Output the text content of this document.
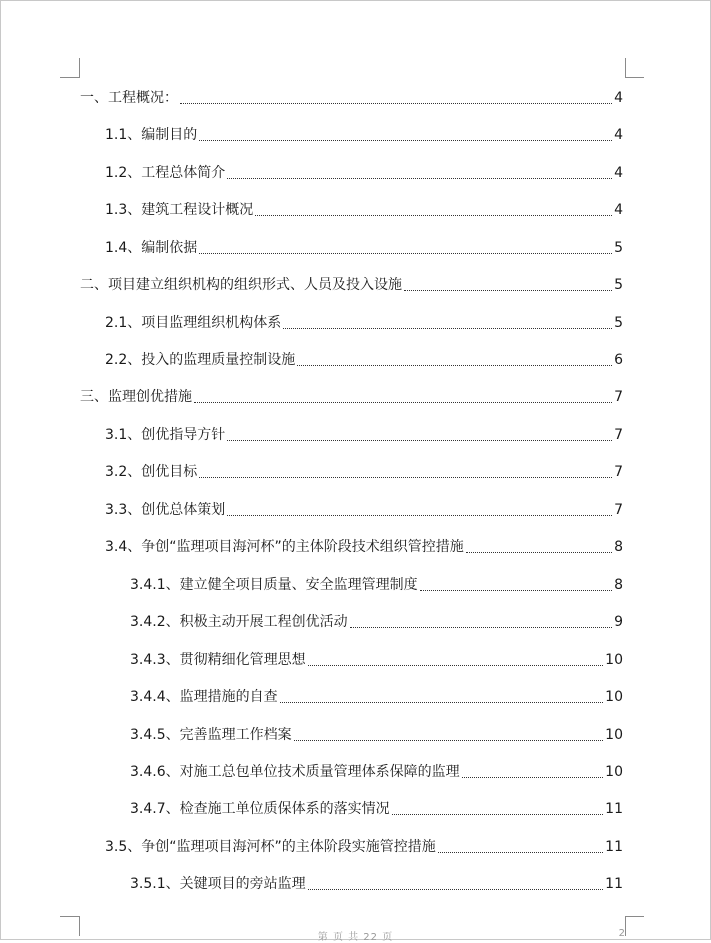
一、 工程概况：	4
1.1、 编制目的	4
1.2、 工程总体简介	4
1.3、 建筑工程设计概况	4
1.4、 编制依据	5
二、 项目建立组织机构的组织形式、人员及投入设施	5
2.1、 项目监理组织机构体系	5
2.2、 投入的监理质量控制设施	6
三、 监理创优措施	7
3.1、 创优指导方针	7
3.2、 创优目标	7
3.3、 创优总体策划	7
3.4、 争创“监理项目海河杯”的主体阶段技术组织管控措施	8
3.4.1、 建立健全项目质量、安全监理管理制度	8
3.4.2、 积极主动开展工程创优活动	9
3.4.3、 贯彻精细化管理思想	10
3.4.4、 监理措施的自查	10
3.4.5、 完善监理工作档案	10
3.4.6、 对施工总包单位技术质量管理体系保障的监理	10
3.4.7、 检查施工单位质保体系的落实情况	11
3.5、 争创“监理项目海河杯”的主体阶段实施管控措施	11
3.5.1、 关键项目的旁站监理	11
第 页 共 22 页	2
